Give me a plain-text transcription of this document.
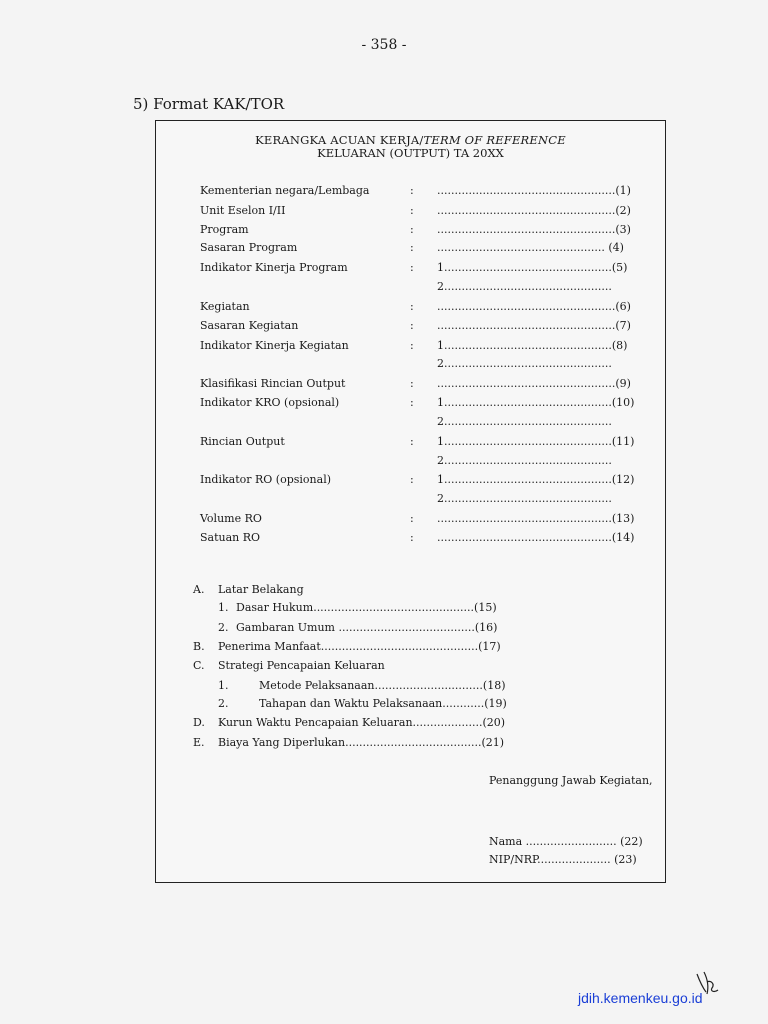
- 358 -
5) Format KAK/TOR
KERANGKA ACUAN KERJA/TERM OF REFERENCE
KELUARAN (OUTPUT) TA 20XX
Kementerian negara/Lembaga	: ...................................................(1)
Unit Eselon I/II	: ...................................................(2)
Program	: ...................................................(3)
Sasaran Program	: ................................................ (4)
Indikator Kinerja Program	: 1................................................(5)
2................................................
Kegiatan	: ...................................................(6)
Sasaran Kegiatan	: ...................................................(7)
Indikator Kinerja Kegiatan	: 1................................................(8)
2................................................
Klasifikasi Rincian Output	: ...................................................(9)
Indikator KRO (opsional)	: 1................................................(10)
2................................................
Rincian Output	: 1................................................(11)
2................................................
Indikator RO (opsional)	: 1................................................(12)
2................................................
Volume RO	: ..................................................(13)
Satuan RO	: ..................................................(14)
A. Latar Belakang
1. Dasar Hukum..............................................(15)
2. Gambaran Umum .......................................(16)
B. Penerima Manfaat.............................................(17)
C. Strategi Pencapaian Keluaran
1.	Metode Pelaksanaan...............................(18)
2.	Tahapan dan Waktu Pelaksanaan............(19)
D. Kurun Waktu Pencapaian Keluaran....................(20)
E. Biaya Yang Diperlukan.......................................(21)
Penanggung Jawab Kegiatan,
Nama .......................... (22)
NIP/NRP..................... (23)
jdih.kemenkeu.go.id
